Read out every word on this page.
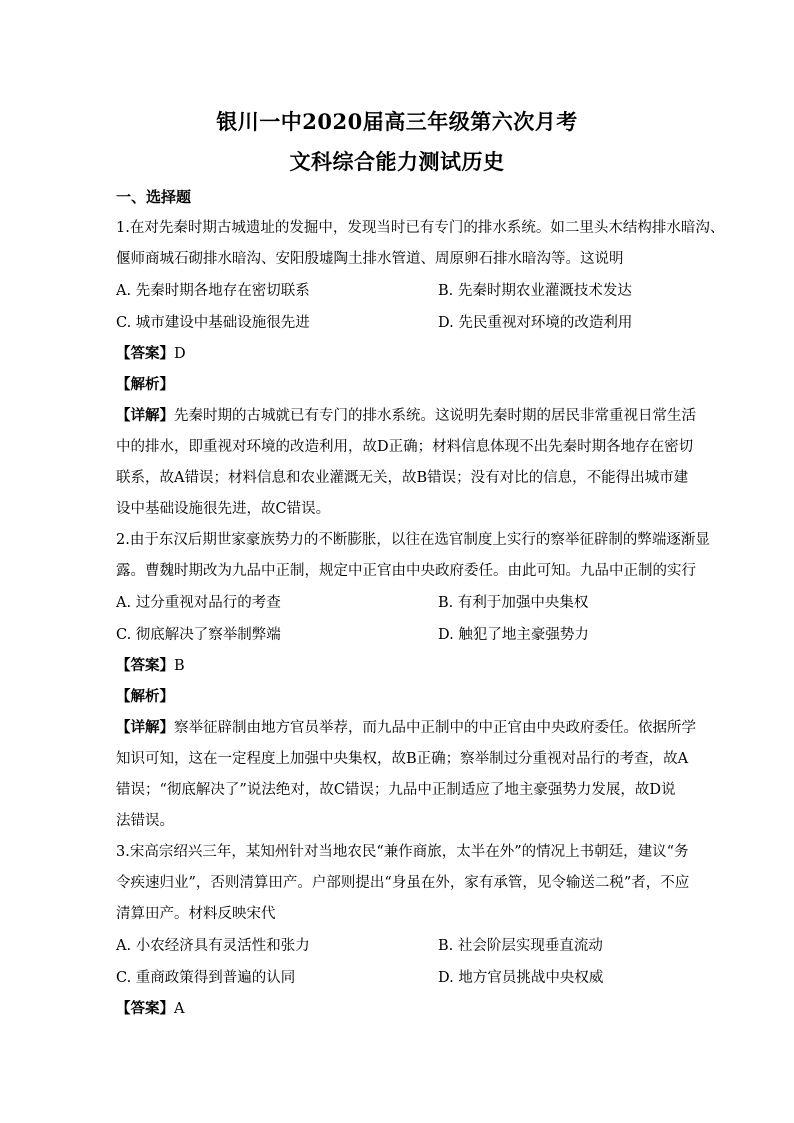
银川一中2020届高三年级第六次月考
文科综合能力测试历史
一、选择题
1.在对先秦时期古城遗址的发掘中，发现当时已有专门的排水系统。如二里头木结构排水暗沟、
偃师商城石砌排水暗沟、安阳殷墟陶土排水管道、周原卵石排水暗沟等。这说明
A. 先秦时期各地存在密切联系	B. 先秦时期农业灌溉技术发达
C. 城市建设中基础设施很先进	D. 先民重视对环境的改造利用
【答案】D
【解析】
【详解】先秦时期的古城就已有专门的排水系统。这说明先秦时期的居民非常重视日常生活
中的排水，即重视对环境的改造利用，故D正确；材料信息体现不出先秦时期各地存在密切
联系，故A错误；材料信息和农业灌溉无关，故B错误；没有对比的信息，不能得出城市建
设中基础设施很先进，故C错误。
2.由于东汉后期世家豪族势力的不断膨胀，以往在选官制度上实行的察举征辟制的弊端逐渐显
露。曹魏时期改为九品中正制，规定中正官由中央政府委任。由此可知。九品中正制的实行
A. 过分重视对品行的考查	B. 有利于加强中央集权
C. 彻底解决了察举制弊端	D. 触犯了地主豪强势力
【答案】B
【解析】
【详解】察举征辟制由地方官员举荐，而九品中正制中的中正官由中央政府委任。依据所学
知识可知，这在一定程度上加强中央集权，故B正确；察举制过分重视对品行的考查，故A
错误；“彻底解决了”说法绝对，故C错误；九品中正制适应了地主豪强势力发展，故D说
法错误。
3.宋高宗绍兴三年，某知州针对当地农民“兼作商旅，太半在外”的情况上书朝廷，建议“务
令疾速归业”，否则清算田产。户部则提出“身虽在外，家有承管，见令输送二税”者，不应
清算田产。材料反映宋代
A. 小农经济具有灵活性和张力	B. 社会阶层实现垂直流动
C. 重商政策得到普遍的认同	D. 地方官员挑战中央权威
【答案】A
